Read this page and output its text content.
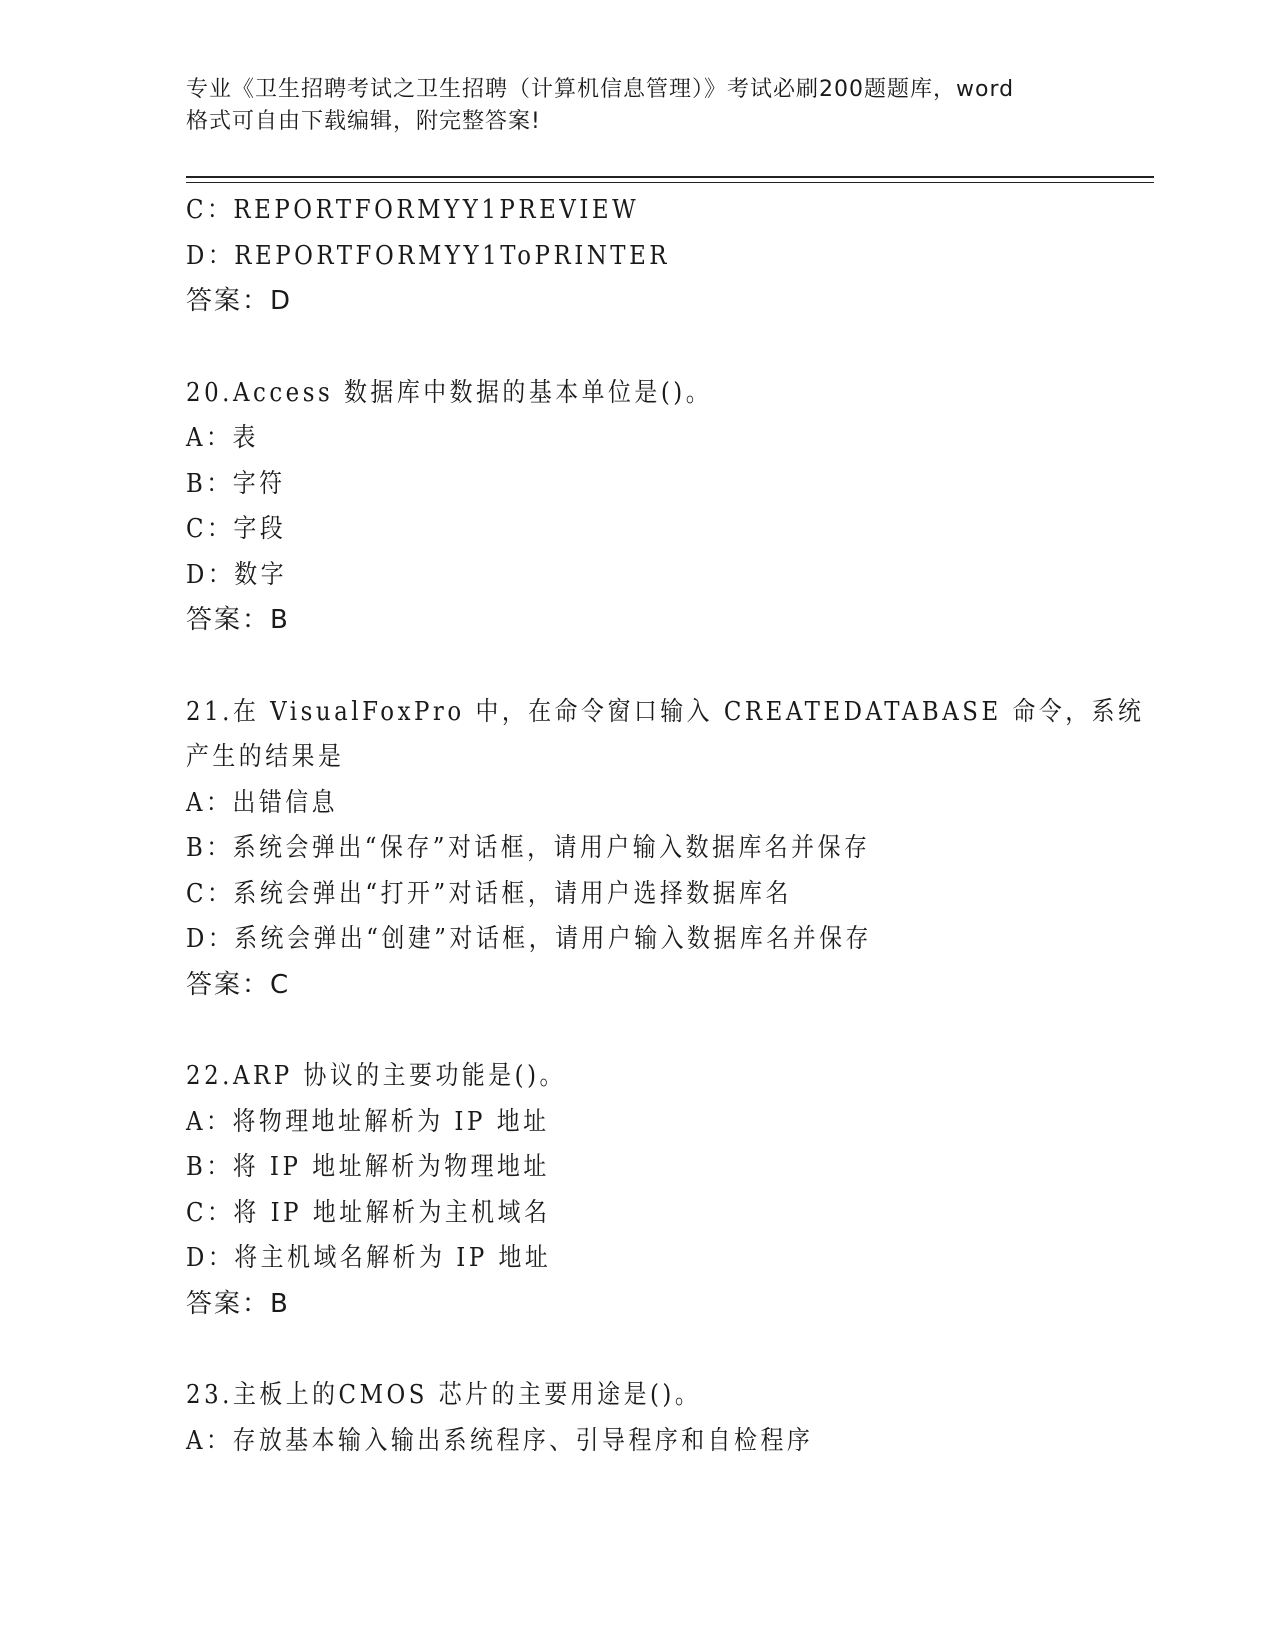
专业《卫生招聘考试之卫生招聘（计算机信息管理）》考试必刷200题题库，word
格式可自由下载编辑，附完整答案!
C：REPORTFORMYY1PREVIEW
D：REPORTFORMYY1ToPRINTER
答案：D
20.Access 数据库中数据的基本单位是()。
A：表
B：字符
C：字段
D：数字
答案：B
21.在 VisualFoxPro 中，在命令窗口输入 CREATEDATABASE 命令，系统
产生的结果是
A：出错信息
B：系统会弹出“保存”对话框，请用户输入数据库名并保存
C：系统会弹出“打开”对话框，请用户选择数据库名
D：系统会弹出“创建”对话框，请用户输入数据库名并保存
答案：C
22.ARP 协议的主要功能是()。
A：将物理地址解析为 IP 地址
B：将 IP 地址解析为物理地址
C：将 IP 地址解析为主机域名
D：将主机域名解析为 IP 地址
答案：B
23.主板上的CMOS 芯片的主要用途是()。
A：存放基本输入输出系统程序、引导程序和自检程序
